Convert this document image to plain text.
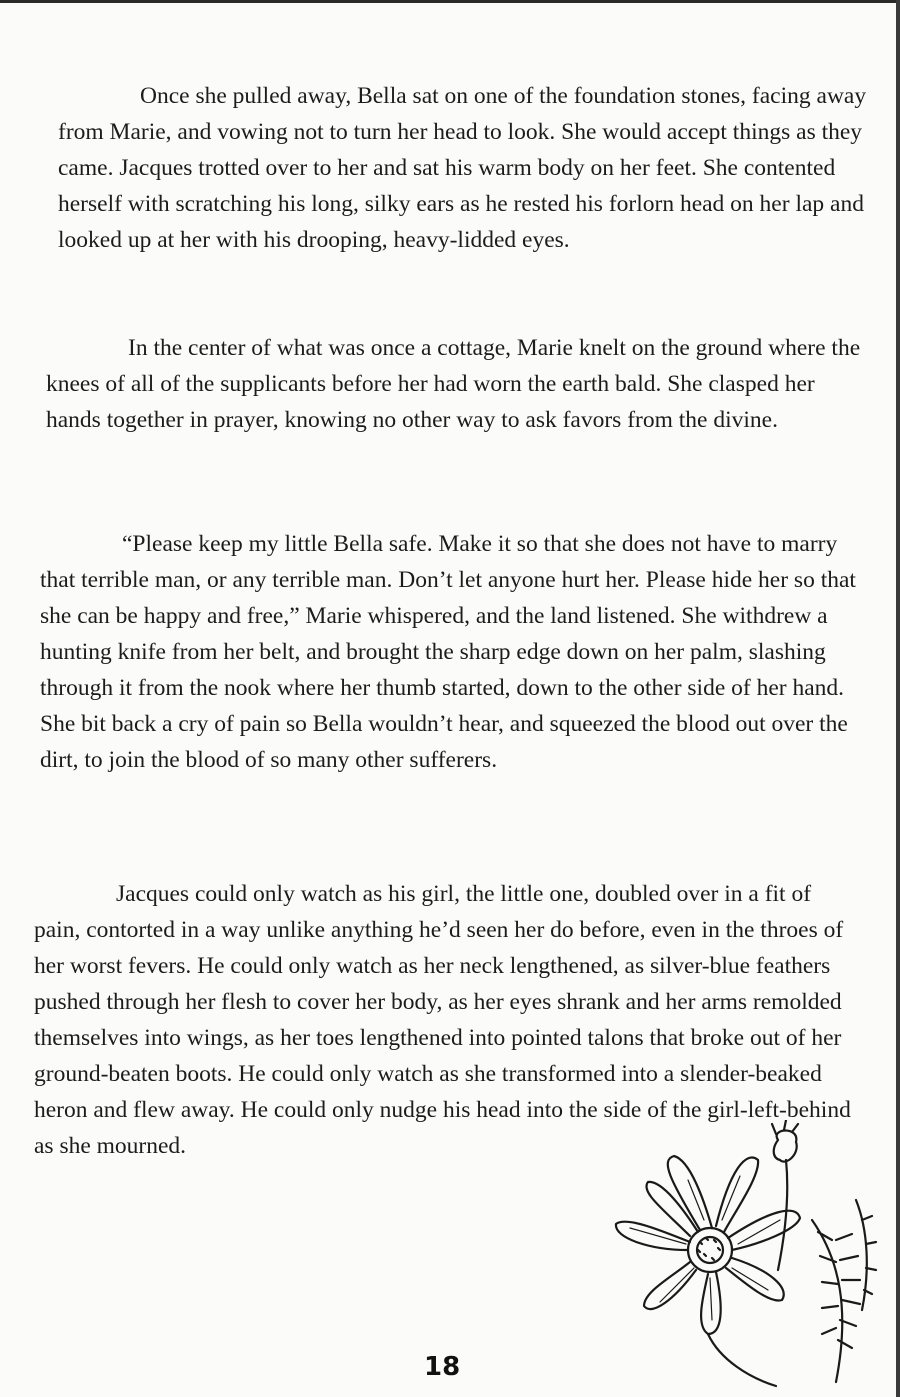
Once she pulled away, Bella sat on one of the foundation stones, facing away from Marie, and vowing not to turn her head to look. She would accept things as they came. Jacques trotted over to her and sat his warm body on her feet. She contented herself with scratching his long, silky ears as he rested his forlorn head on her lap and looked up at her with his drooping, heavy-lidded eyes.

In the center of what was once a cottage, Marie knelt on the ground where the knees of all of the supplicants before her had worn the earth bald. She clasped her hands together in prayer, knowing no other way to ask favors from the divine.

“Please keep my little Bella safe. Make it so that she does not have to marry that terrible man, or any terrible man. Don’t let anyone hurt her. Please hide her so that she can be happy and free,” Marie whispered, and the land listened. She withdrew a hunting knife from her belt, and brought the sharp edge down on her palm, slashing through it from the nook where her thumb started, down to the other side of her hand. She bit back a cry of pain so Bella wouldn’t hear, and squeezed the blood out over the dirt, to join the blood of so many other sufferers.

Jacques could only watch as his girl, the little one, doubled over in a fit of pain, contorted in a way unlike anything he’d seen her do before, even in the throes of her worst fevers. He could only watch as her neck lengthened, as silver-blue feathers pushed through her flesh to cover her body, as her eyes shrank and her arms remolded themselves into wings, as her toes lengthened into pointed talons that broke out of her ground-beaten boots. He could only watch as she transformed into a slender-beaked heron and flew away. He could only nudge his head into the side of the girl-left-behind as she mourned.

18
